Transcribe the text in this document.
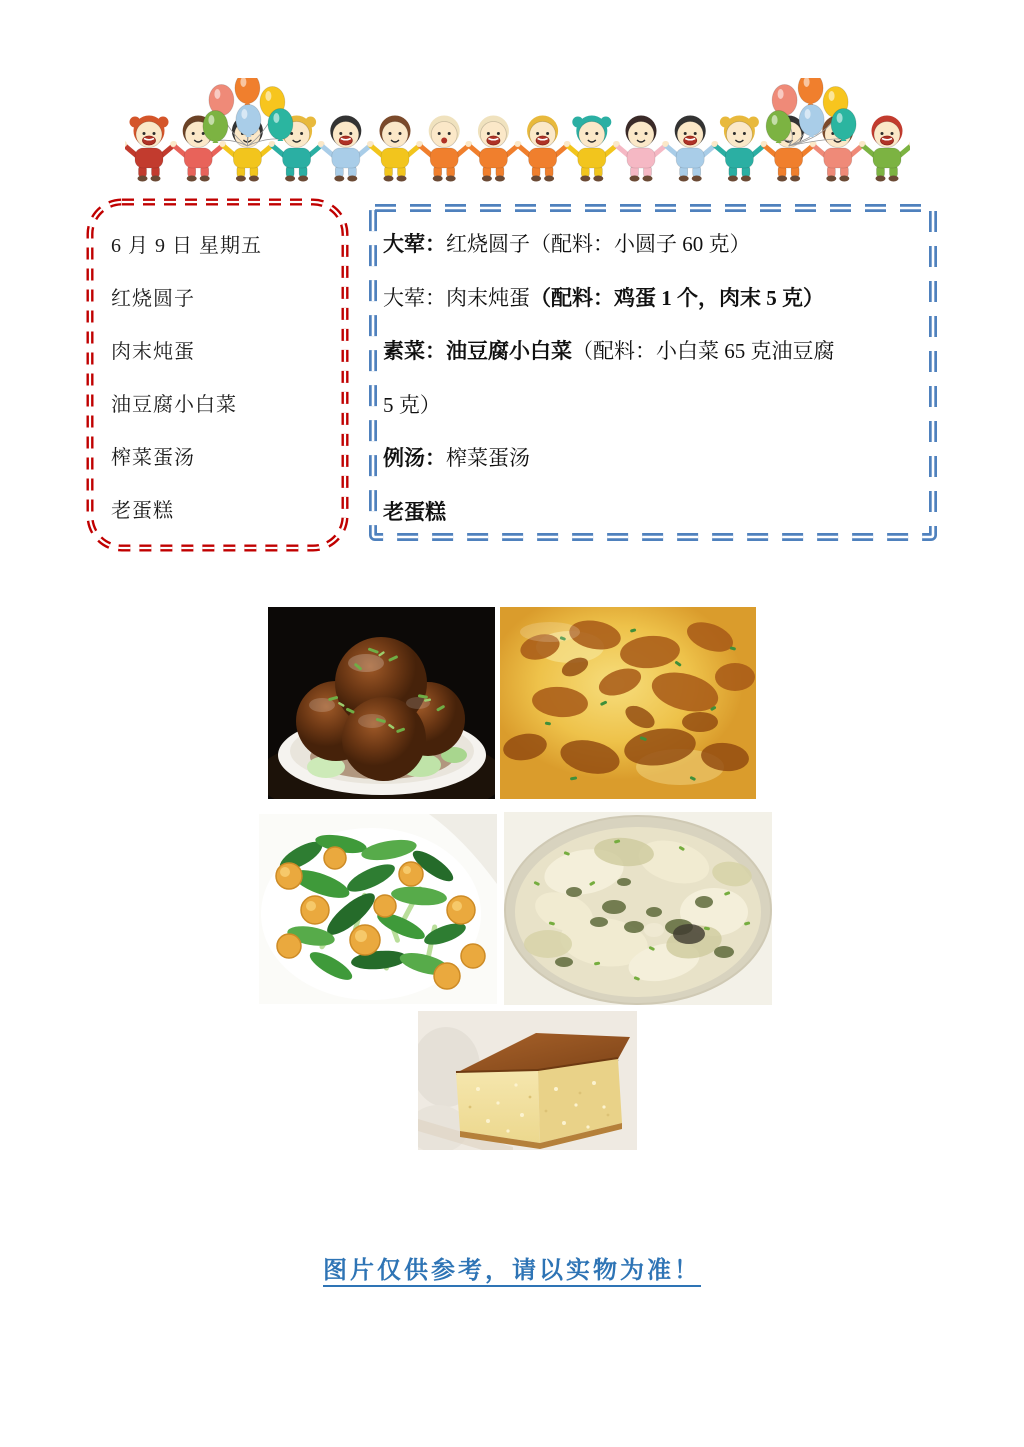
6 月 9 日 星期五
红烧圆子
肉末炖蛋
油豆腐小白菜
榨菜蛋汤
老蛋糕
大荤：红烧圆子（配料：小圆子 60 克）
大荤：肉末炖蛋（配料：鸡蛋 1 个，肉末 5 克）
素菜：油豆腐小白菜（配料：小白菜 65 克油豆腐
5 克）
例汤：榨菜蛋汤
老蛋糕
图片仅供参考，请以实物为准！
